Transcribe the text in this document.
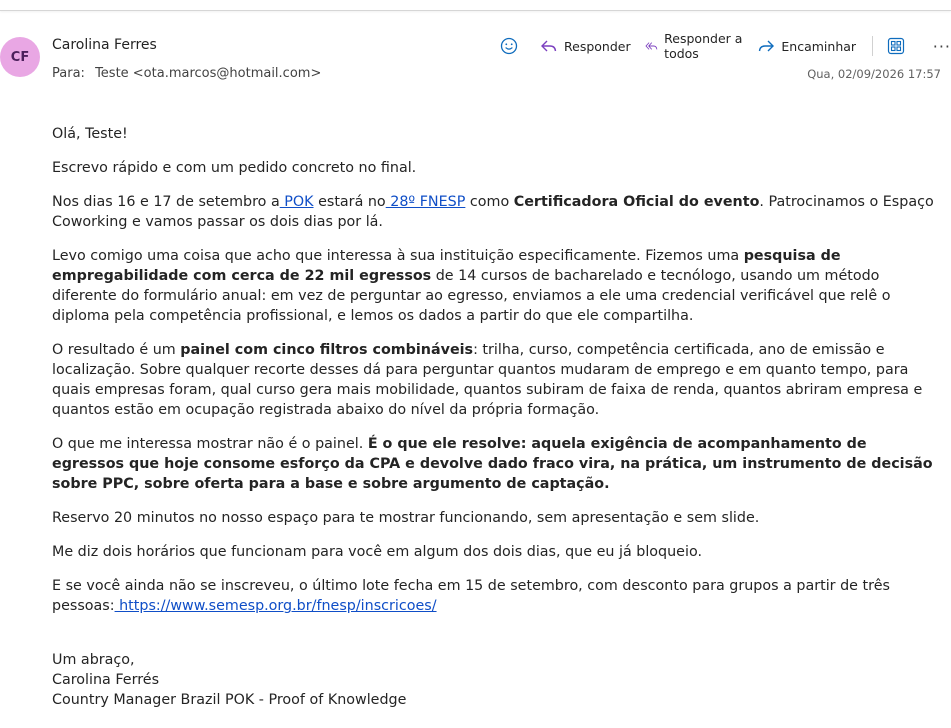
CF
Carolina Ferres
Para: Teste <ota.marcos@hotmail.com>	Qua, 02/09/2026 17:57
Responder	Responder a todos	Encaminhar	···

Olá, Teste!

Escrevo rápido e com um pedido concreto no final.

Nos dias 16 e 17 de setembro a POK estará no 28º FNESP como Certificadora Oficial do evento. Patrocinamos o Espaço Coworking e vamos passar os dois dias por lá.

Levo comigo uma coisa que acho que interessa à sua instituição especificamente. Fizemos uma pesquisa de empregabilidade com cerca de 22 mil egressos de 14 cursos de bacharelado e tecnólogo, usando um método diferente do formulário anual: em vez de perguntar ao egresso, enviamos a ele uma credencial verificável que relê o diploma pela competência profissional, e lemos os dados a partir do que ele compartilha.

O resultado é um painel com cinco filtros combináveis: trilha, curso, competência certificada, ano de emissão e localização. Sobre qualquer recorte desses dá para perguntar quantos mudaram de emprego e em quanto tempo, para quais empresas foram, qual curso gera mais mobilidade, quantos subiram de faixa de renda, quantos abriram empresa e quantos estão em ocupação registrada abaixo do nível da própria formação.

O que me interessa mostrar não é o painel. É o que ele resolve: aquela exigência de acompanhamento de egressos que hoje consome esforço da CPA e devolve dado fraco vira, na prática, um instrumento de decisão sobre PPC, sobre oferta para a base e sobre argumento de captação.

Reservo 20 minutos no nosso espaço para te mostrar funcionando, sem apresentação e sem slide.

Me diz dois horários que funcionam para você em algum dos dois dias, que eu já bloqueio.

E se você ainda não se inscreveu, o último lote fecha em 15 de setembro, com desconto para grupos a partir de três pessoas: https://www.semesp.org.br/fnesp/inscricoes/

Um abraço,
Carolina Ferrés
Country Manager Brazil POK - Proof of Knowledge
